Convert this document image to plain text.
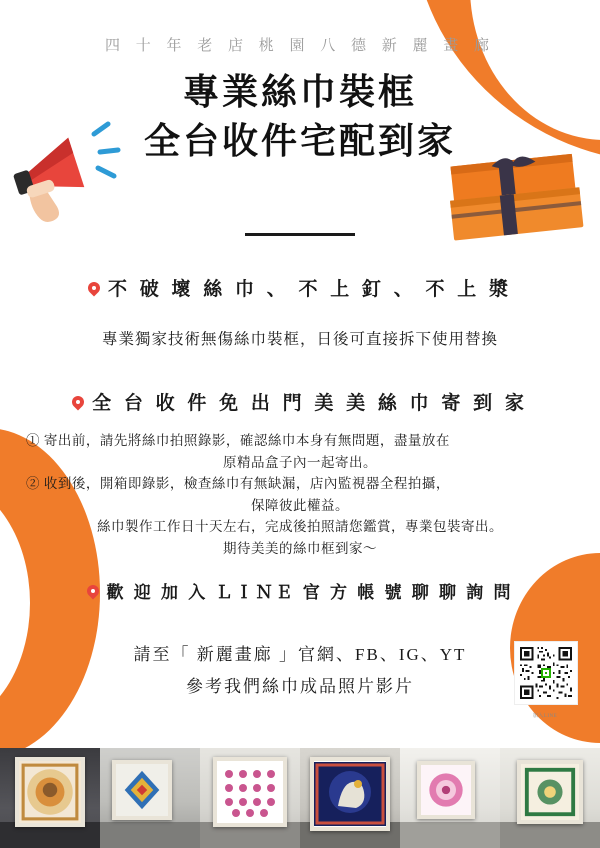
四 十 年 老 店 桃 園 八 德 新 麗 畫 廊
專業絲巾裝框
全台收件宅配到家
不 破 壞 絲 巾 、 不 上 釘 、 不 上 漿
專業獨家技術無傷絲巾裝框，日後可直接拆下使用替換
全 台 收 件 免 出 門 美 美 絲 巾 寄 到 家
① 寄出前，請先將絲巾拍照錄影，確認絲巾本身有無問題，盡量放在
原精品盒子內一起寄出。
② 收到後，開箱即錄影，檢查絲巾有無缺漏，店內監視器全程拍攝，
保障彼此權益。
絲巾製作工作日十天左右，完成後拍照請您鑑賞，專業包裝寄出。
期待美美的絲巾框到家～
歡 迎 加 入 ＬＩＮＥ 官 方 帳 號 聊 聊 詢 問
請至「 新麗畫廊 」官網、FB、IG、YT
參考我們絲巾成品照片影片
加入LINE
